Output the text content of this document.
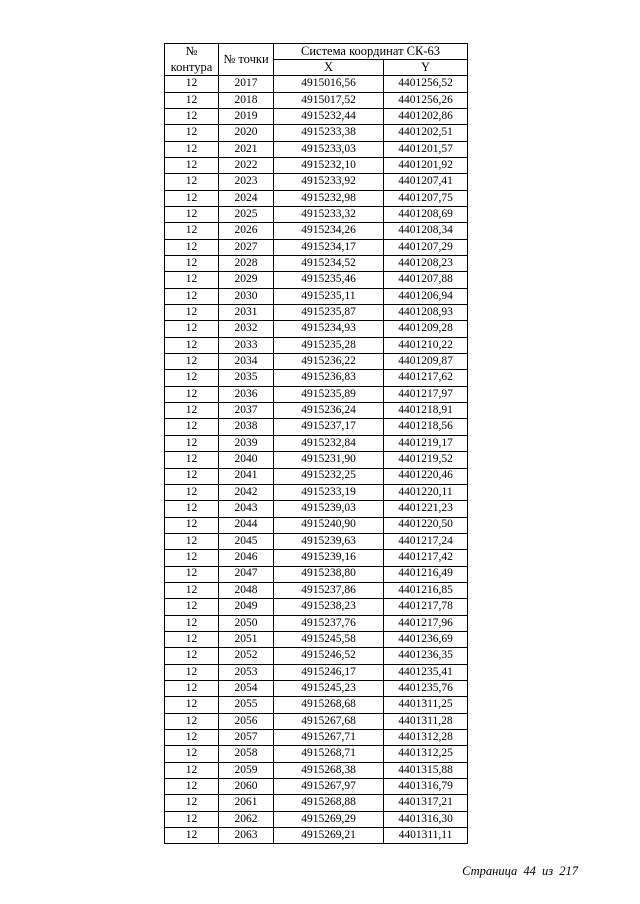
№ контура	№ точки	Система координат СК-63	
		X	Y
12	2017	4915016,56	4401256,52
12	2018	4915017,52	4401256,26
12	2019	4915232,44	4401202,86
12	2020	4915233,38	4401202,51
12	2021	4915233,03	4401201,57
12	2022	4915232,10	4401201,92
12	2023	4915233,92	4401207,41
12	2024	4915232,98	4401207,75
12	2025	4915233,32	4401208,69
12	2026	4915234,26	4401208,34
12	2027	4915234,17	4401207,29
12	2028	4915234,52	4401208,23
12	2029	4915235,46	4401207,88
12	2030	4915235,11	4401206,94
12	2031	4915235,87	4401208,93
12	2032	4915234,93	4401209,28
12	2033	4915235,28	4401210,22
12	2034	4915236,22	4401209,87
12	2035	4915236,83	4401217,62
12	2036	4915235,89	4401217,97
12	2037	4915236,24	4401218,91
12	2038	4915237,17	4401218,56
12	2039	4915232,84	4401219,17
12	2040	4915231,90	4401219,52
12	2041	4915232,25	4401220,46
12	2042	4915233,19	4401220,11
12	2043	4915239,03	4401221,23
12	2044	4915240,90	4401220,50
12	2045	4915239,63	4401217,24
12	2046	4915239,16	4401217,42
12	2047	4915238,80	4401216,49
12	2048	4915237,86	4401216,85
12	2049	4915238,23	4401217,78
12	2050	4915237,76	4401217,96
12	2051	4915245,58	4401236,69
12	2052	4915246,52	4401236,35
12	2053	4915246,17	4401235,41
12	2054	4915245,23	4401235,76
12	2055	4915268,68	4401311,25
12	2056	4915267,68	4401311,28
12	2057	4915267,71	4401312,28
12	2058	4915268,71	4401312,25
12	2059	4915268,38	4401315,88
12	2060	4915267,97	4401316,79
12	2061	4915268,88	4401317,21
12	2062	4915269,29	4401316,30
12	2063	4915269,21	4401311,11
Страница 44 из 217
